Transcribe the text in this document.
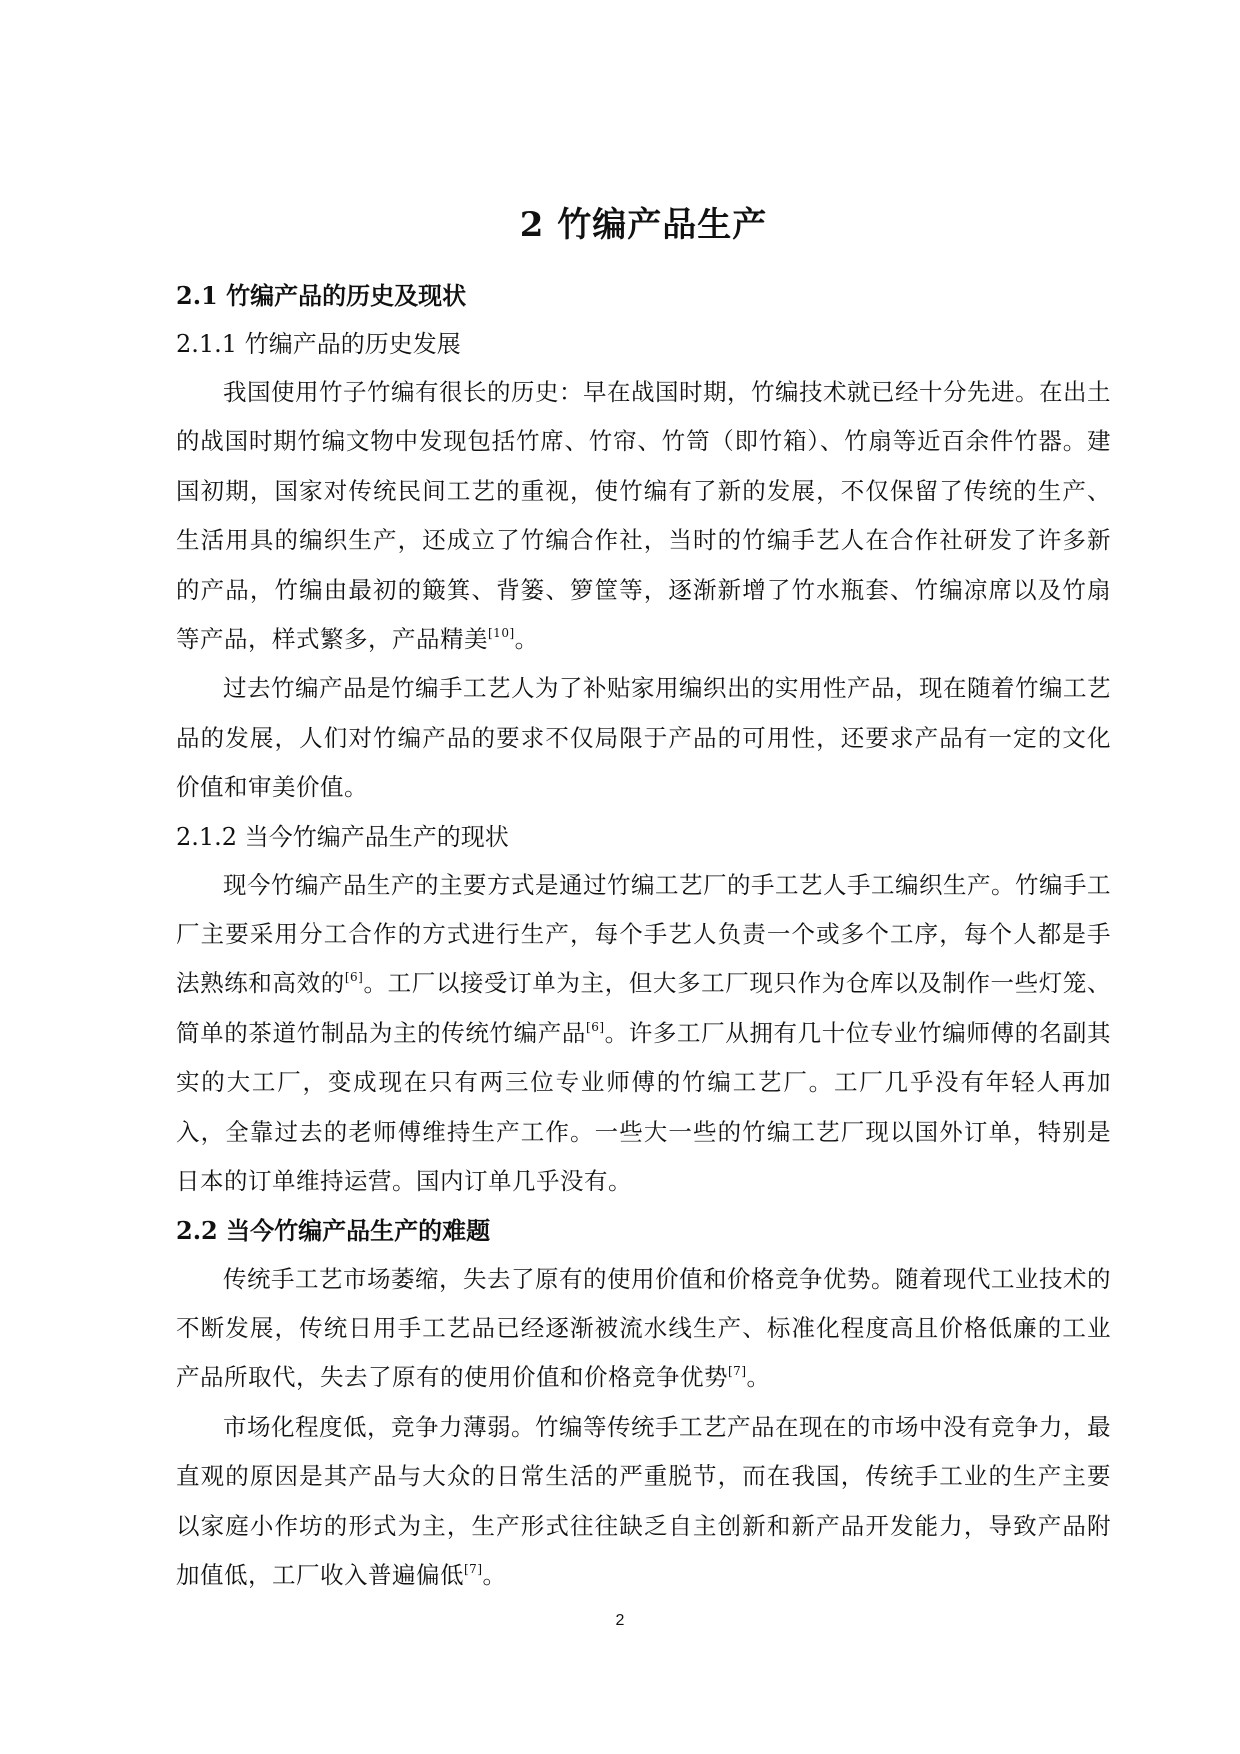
2 竹编产品生产
2.1 竹编产品的历史及现状
2.1.1 竹编产品的历史发展

我国使用竹子竹编有很长的历史：早在战国时期，竹编技术就已经十分先进。在出土的战国时期竹编文物中发现包括竹席、竹帘、竹笥（即竹箱）、竹扇等近百余件竹器。建国初期，国家对传统民间工艺的重视，使竹编有了新的发展，不仅保留了传统的生产、生活用具的编织生产，还成立了竹编合作社，当时的竹编手艺人在合作社研发了许多新的产品，竹编由最初的簸箕、背篓、箩筐等，逐渐新增了竹水瓶套、竹编凉席以及竹扇等产品，样式繁多，产品精美[10]。

过去竹编产品是竹编手工艺人为了补贴家用编织出的实用性产品，现在随着竹编工艺品的发展，人们对竹编产品的要求不仅局限于产品的可用性，还要求产品有一定的文化价值和审美价值。

2.1.2 当今竹编产品生产的现状

现今竹编产品生产的主要方式是通过竹编工艺厂的手工艺人手工编织生产。竹编手工厂主要采用分工合作的方式进行生产，每个手艺人负责一个或多个工序，每个人都是手法熟练和高效的[6]。工厂以接受订单为主，但大多工厂现只作为仓库以及制作一些灯笼、简单的茶道竹制品为主的传统竹编产品[6]。许多工厂从拥有几十位专业竹编师傅的名副其实的大工厂，变成现在只有两三位专业师傅的竹编工艺厂。工厂几乎没有年轻人再加入，全靠过去的老师傅维持生产工作。一些大一些的竹编工艺厂现以国外订单，特别是日本的订单维持运营。国内订单几乎没有。

2.2 当今竹编产品生产的难题

传统手工艺市场萎缩，失去了原有的使用价值和价格竞争优势。随着现代工业技术的不断发展，传统日用手工艺品已经逐渐被流水线生产、标准化程度高且价格低廉的工业产品所取代，失去了原有的使用价值和价格竞争优势[7]。

市场化程度低，竞争力薄弱。竹编等传统手工艺产品在现在的市场中没有竞争力，最直观的原因是其产品与大众的日常生活的严重脱节，而在我国，传统手工业的生产主要以家庭小作坊的形式为主，生产形式往往缺乏自主创新和新产品开发能力，导致产品附加值低，工厂收入普遍偏低[7]。

2
